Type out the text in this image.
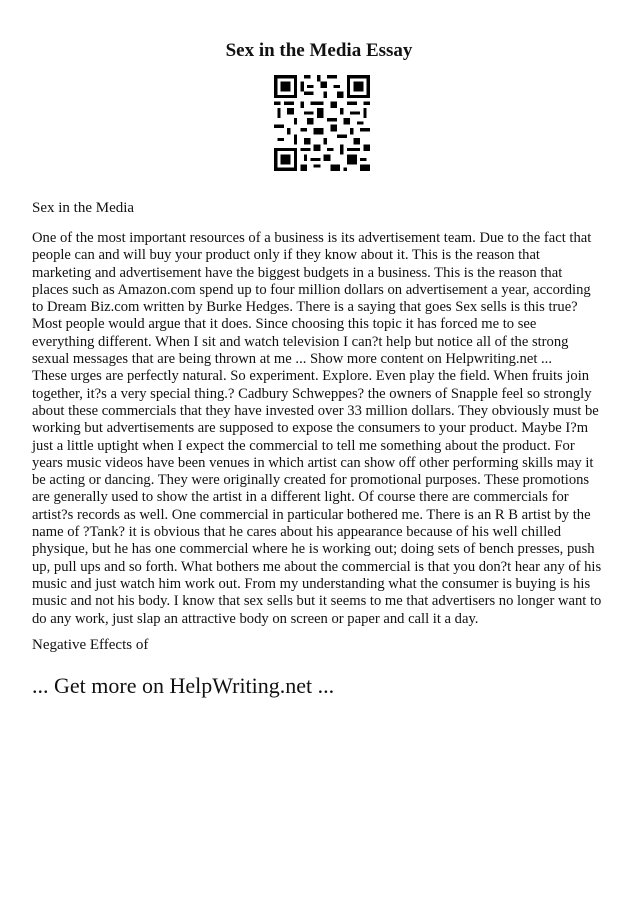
Sex in the Media Essay
Sex in the Media

One of the most important resources of a business is its advertisement team. Due to the fact that people can and will buy your product only if they know about it. This is the reason that marketing and advertisement have the biggest budgets in a business. This is the reason that places such as Amazon.com spend up to four million dollars on advertisement a year, according to Dream Biz.com written by Burke Hedges. There is a saying that goes Sex sells is this true? Most people would argue that it does. Since choosing this topic it has forced me to see everything different. When I sit and watch television I can?t help but notice all of the strong sexual messages that are being thrown at me ... Show more content on Helpwriting.net ...

These urges are perfectly natural. So experiment. Explore. Even play the field. When fruits join together, it?s a very special thing.? Cadbury Schweppes? the owners of Snapple feel so strongly about these commercials that they have invested over 33 million dollars. They obviously must be working but advertisements are supposed to expose the consumers to your product. Maybe I?m just a little uptight when I expect the commercial to tell me something about the product. For years music videos have been venues in which artist can show off other performing skills may it be acting or dancing. They were originally created for promotional purposes. These promotions are generally used to show the artist in a different light. Of course there are commercials for artist?s records as well. One commercial in particular bothered me. There is an R B artist by the name of ?Tank? it is obvious that he cares about his appearance because of his well chilled physique, but he has one commercial where he is working out; doing sets of bench presses, push up, pull ups and so forth. What bothers me about the commercial is that you don?t hear any of his music and just watch him work out. From my understanding what the consumer is buying is his music and not his body. I know that sex sells but it seems to me that advertisers no longer want to do any work, just slap an attractive body on screen or paper and call it a day.

Negative Effects of
... Get more on HelpWriting.net ...
